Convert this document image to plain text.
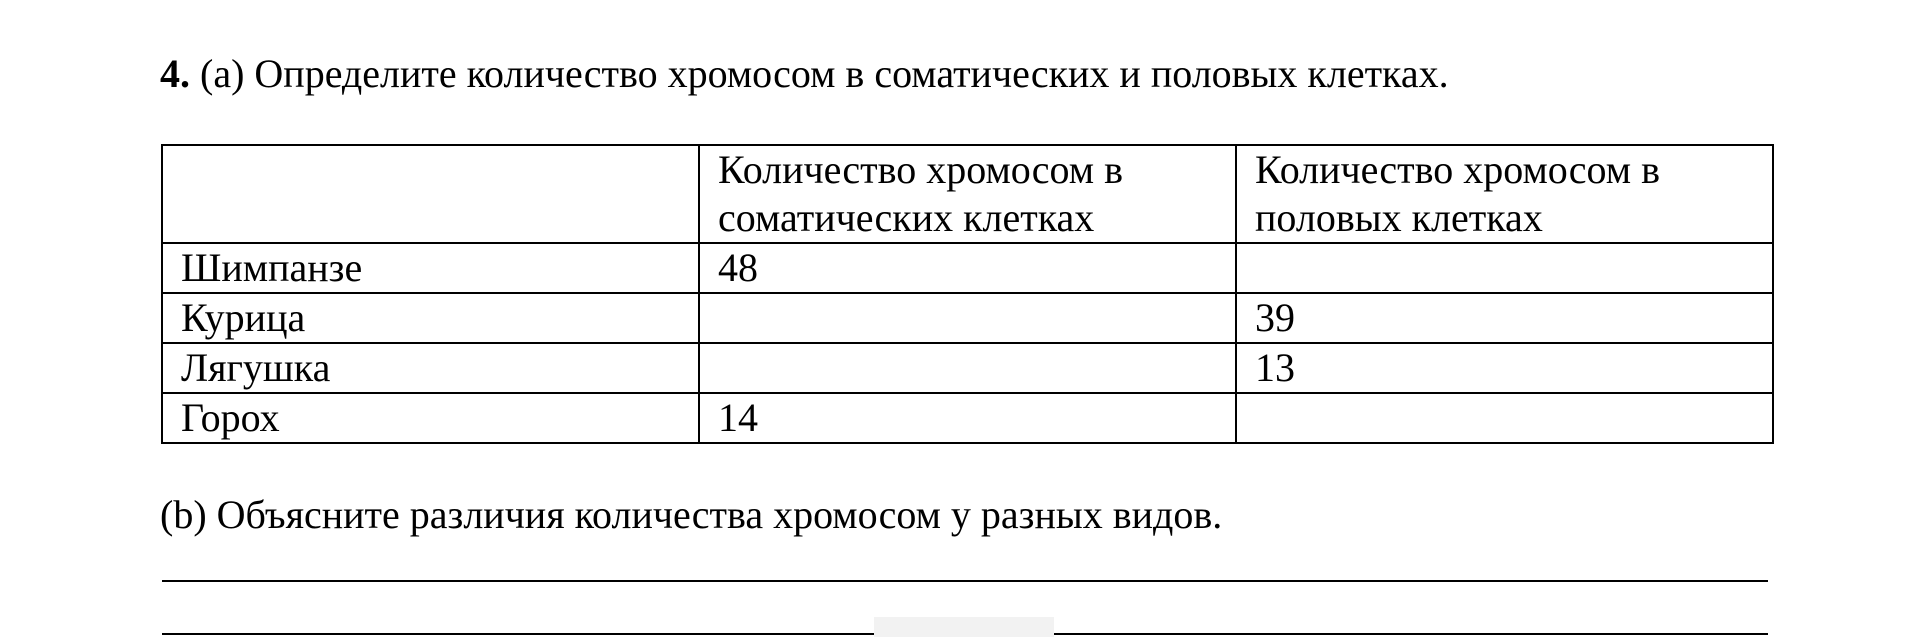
4. (a) Определите количество хромосом в соматических и половых клетках.
	Количество хромосом в соматических клетках	Количество хромосом в половых клетках
Шимпанзе	48	
Курица		39
Лягушка		13
Горох	14	
(b) Объясните различия количества хромосом у разных видов.
